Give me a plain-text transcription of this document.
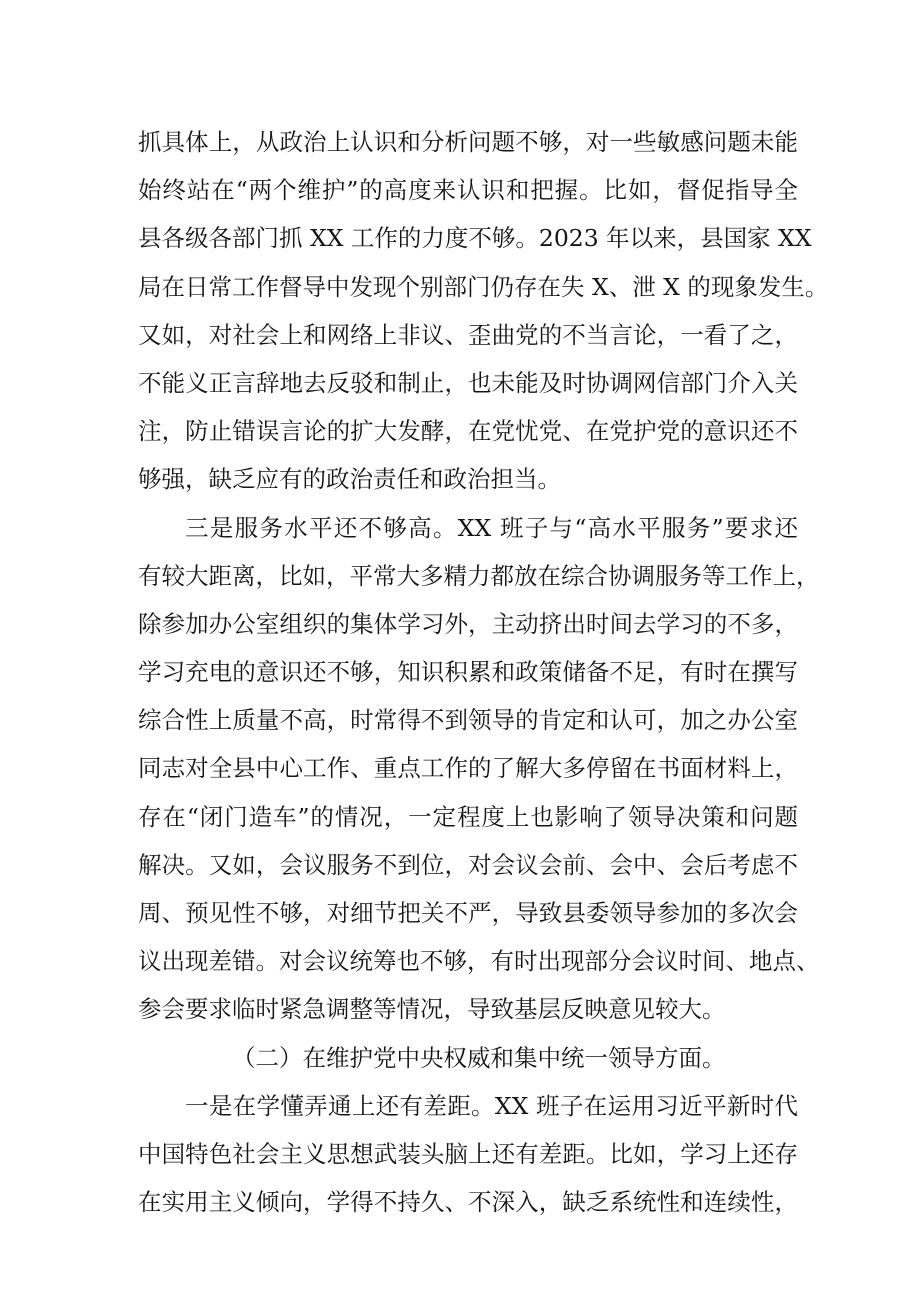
抓具体上，从政治上认识和分析问题不够，对一些敏感问题未能
始终站在“两个维护”的高度来认识和把握。比如，督促指导全
县各级各部门抓 XX 工作的力度不够。2023 年以来，县国家 XX
局在日常工作督导中发现个别部门仍存在失 X、泄 X 的现象发生。
又如，对社会上和网络上非议、歪曲党的不当言论，一看了之，
不能义正言辞地去反驳和制止，也未能及时协调网信部门介入关
注，防止错误言论的扩大发酵，在党忧党、在党护党的意识还不
够强，缺乏应有的政治责任和政治担当。
三是服务水平还不够高。XX 班子与“高水平服务”要求还
有较大距离，比如，平常大多精力都放在综合协调服务等工作上，
除参加办公室组织的集体学习外，主动挤出时间去学习的不多，
学习充电的意识还不够，知识积累和政策储备不足，有时在撰写
综合性上质量不高，时常得不到领导的肯定和认可，加之办公室
同志对全县中心工作、重点工作的了解大多停留在书面材料上，
存在“闭门造车”的情况，一定程度上也影响了领导决策和问题
解决。又如，会议服务不到位，对会议会前、会中、会后考虑不
周、预见性不够，对细节把关不严，导致县委领导参加的多次会
议出现差错。对会议统筹也不够，有时出现部分会议时间、地点、
参会要求临时紧急调整等情况，导致基层反映意见较大。
（二）在维护党中央权威和集中统一领导方面。
一是在学懂弄通上还有差距。XX 班子在运用习近平新时代
中国特色社会主义思想武装头脑上还有差距。比如，学习上还存
在实用主义倾向，学得不持久、不深入，缺乏系统性和连续性，
